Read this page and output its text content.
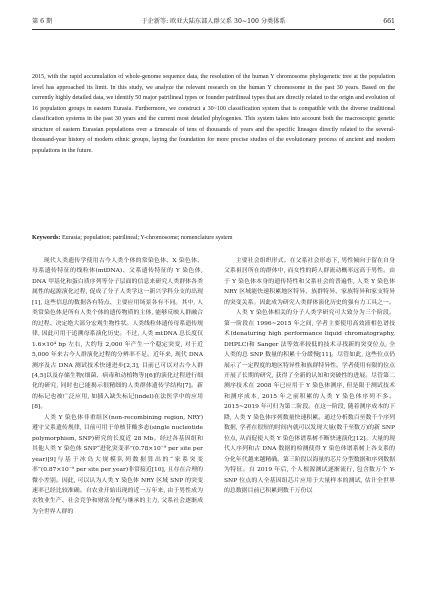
第 6 期	于企新等: 欧亚大陆东部人群父系 30~100 分类体系	661
2015, with the rapid accumulation of whole-genome sequence data, the resolution of the human Y chromosome phylogenetic tree at the population level has approached its limit. In this study, we analyze the relevant research on the human Y chromosome in the past 30 years. Based on the currently highly detailed data, we identify 50 major patrilineal types or founder patrilineal types that are directly related to the origin and evolution of 16 population groups in eastern Eurasia. Furthermore, we construct a 30~100 classification system that is compatible with the diverse traditional classification systems in the past 30 years and the current most detailed phylogenies. This system takes into account both the macroscopic genetic structure of eastern Eurasian populations over a timescale of tens of thousands of years and the specific lineages directly related to the several-thousand-year history of modern ethnic groups, laying the foundation for more precise studies of the evolutionary process of ancient and modern populations in the future.
Keywords: Eurasia; population; patrilineal; Y-chromosome; nomenclature system

现代人类遗传学使用古今人类个体的常染色体、X 染色体、母系遗传特征的线粒体(mtDNA)、父系遗传特征的 Y 染色体, DNA 甲基化和蛋白质序列等分子层面的信息来研究人类群体各类属性的起源演化过程, 促成了分子人类学这一新兴学科分支的出现[1], 这些信息的数据各有特点、主要应用场景各有不同。其中, 人类常染色体是所有人类个体的遗传物质的主体, 能够反映人群融合的过程、决定绝大部分宏观生物性状。人类线粒体遗传母系遗传规律, 因此可用于追溯母系演化历史。不过, 人类 mtDNA 总长度仅 1.6×10⁴ bp 左右, 大约每 2,000 年产生一个稳定突变, 对于近 5,000 年来古今人群演化过程的分辨率不足。近年来, 现代 DNA 测序及古 DNA 测试技术快速进步[2,3], 目前已可以对古今人群[4,5]以及存储生物(细菌、病毒和动植物等)[6]的演化过程进行细化的研究, 同时也已能揭示很精细的人类群体遗传学结构[7]。新的标记也被广泛应用, 如插入缺失标记(indel)在法医学中的应用[8]。

人类 Y 染色体非重组区(non-recombining region, NRY)遵守父系遗传规律, 目前可用于单核苷酸多态(single nucleotide polymorphism, SNP)研究的长度近 28 Mb。经过各基因组和其他人类 Y 染色体 SNP“进化突变率”(0.78×10⁻⁹ per site per year)[9]与基于冰岛大规模队列数据算出的“家系突变率”(0.87×10⁻⁹ per site per year)非常接近[10], 且存在合理的微小差别。因此, 可以认为人类 Y 染色体 NRY 区域 SNP 的突变速率已经比较准确。自农业开始出现的近一万年来, 由于男性成为农牧业生产、社会竞争和财富分配与继承的主力, 父系社会逐渐成为全世界人群的

主要社会组织形式。在父系社会形态下, 男性倾向于留在自身父系祖居所在的群体中, 而女性的跨人群流动概率远高于男性。由于 Y 染色体本身的遗传特性和父系社会的普遍性, 人类 Y 染色体 NRY 区域能快速积累地区特异、族群特异、家族特异和家支特异的突变关系。因此成为研究人类群体演化历史的强有力工具之一。

人类 Y 染色体相关的分子人类学研究可大致分为三个阶段。第一阶段在 1996~2015 年之间, 学者主要使用高效液相色谱技术(denaturing high performance liquid chromatography, DHPLC)和 Sanger 法等效率较低的技术寻找新的突变位点, 全人类的总 SNP 数量的积累十分缓慢[11]。尽管如此, 这些位点仍展示了一定程度的地区特异性和族群特异性。学者使用有限的位点开展了长期的研究, 获得了全新的认知和突破性的进展。尽管第二测序技术在 2008 年已应用于 Y 染色体测序, 但是限于测试技术和测序成本, 2015 年之前积累的人类 Y 染色体序列不多。2015~2019 年可归为第二阶段。在这一阶段, 随着测序成本的下降, 人类 Y 染色体序列数量快速积累。通过分析数百至数千个序列数据, 学者在很短的时间内就可以发现大量(数千至数万)的新 SNP 位点, 从而促使人类 Y 染色体谱系树不断快速演化[12]。大量的现代人序列和古 DNA 数据的检测使得 Y 染色体谱系树上各支系的分化年代越来越精确。第三阶段以海量的芯片分型数据和序列数据为特征。自 2019 年后, 个人根源测试逐渐流行, 包含数万个 Y-SNP 位点的人全基因组芯片应用于大量样本的测试, 估计全世界的总数据目前已积累到数千万份以
